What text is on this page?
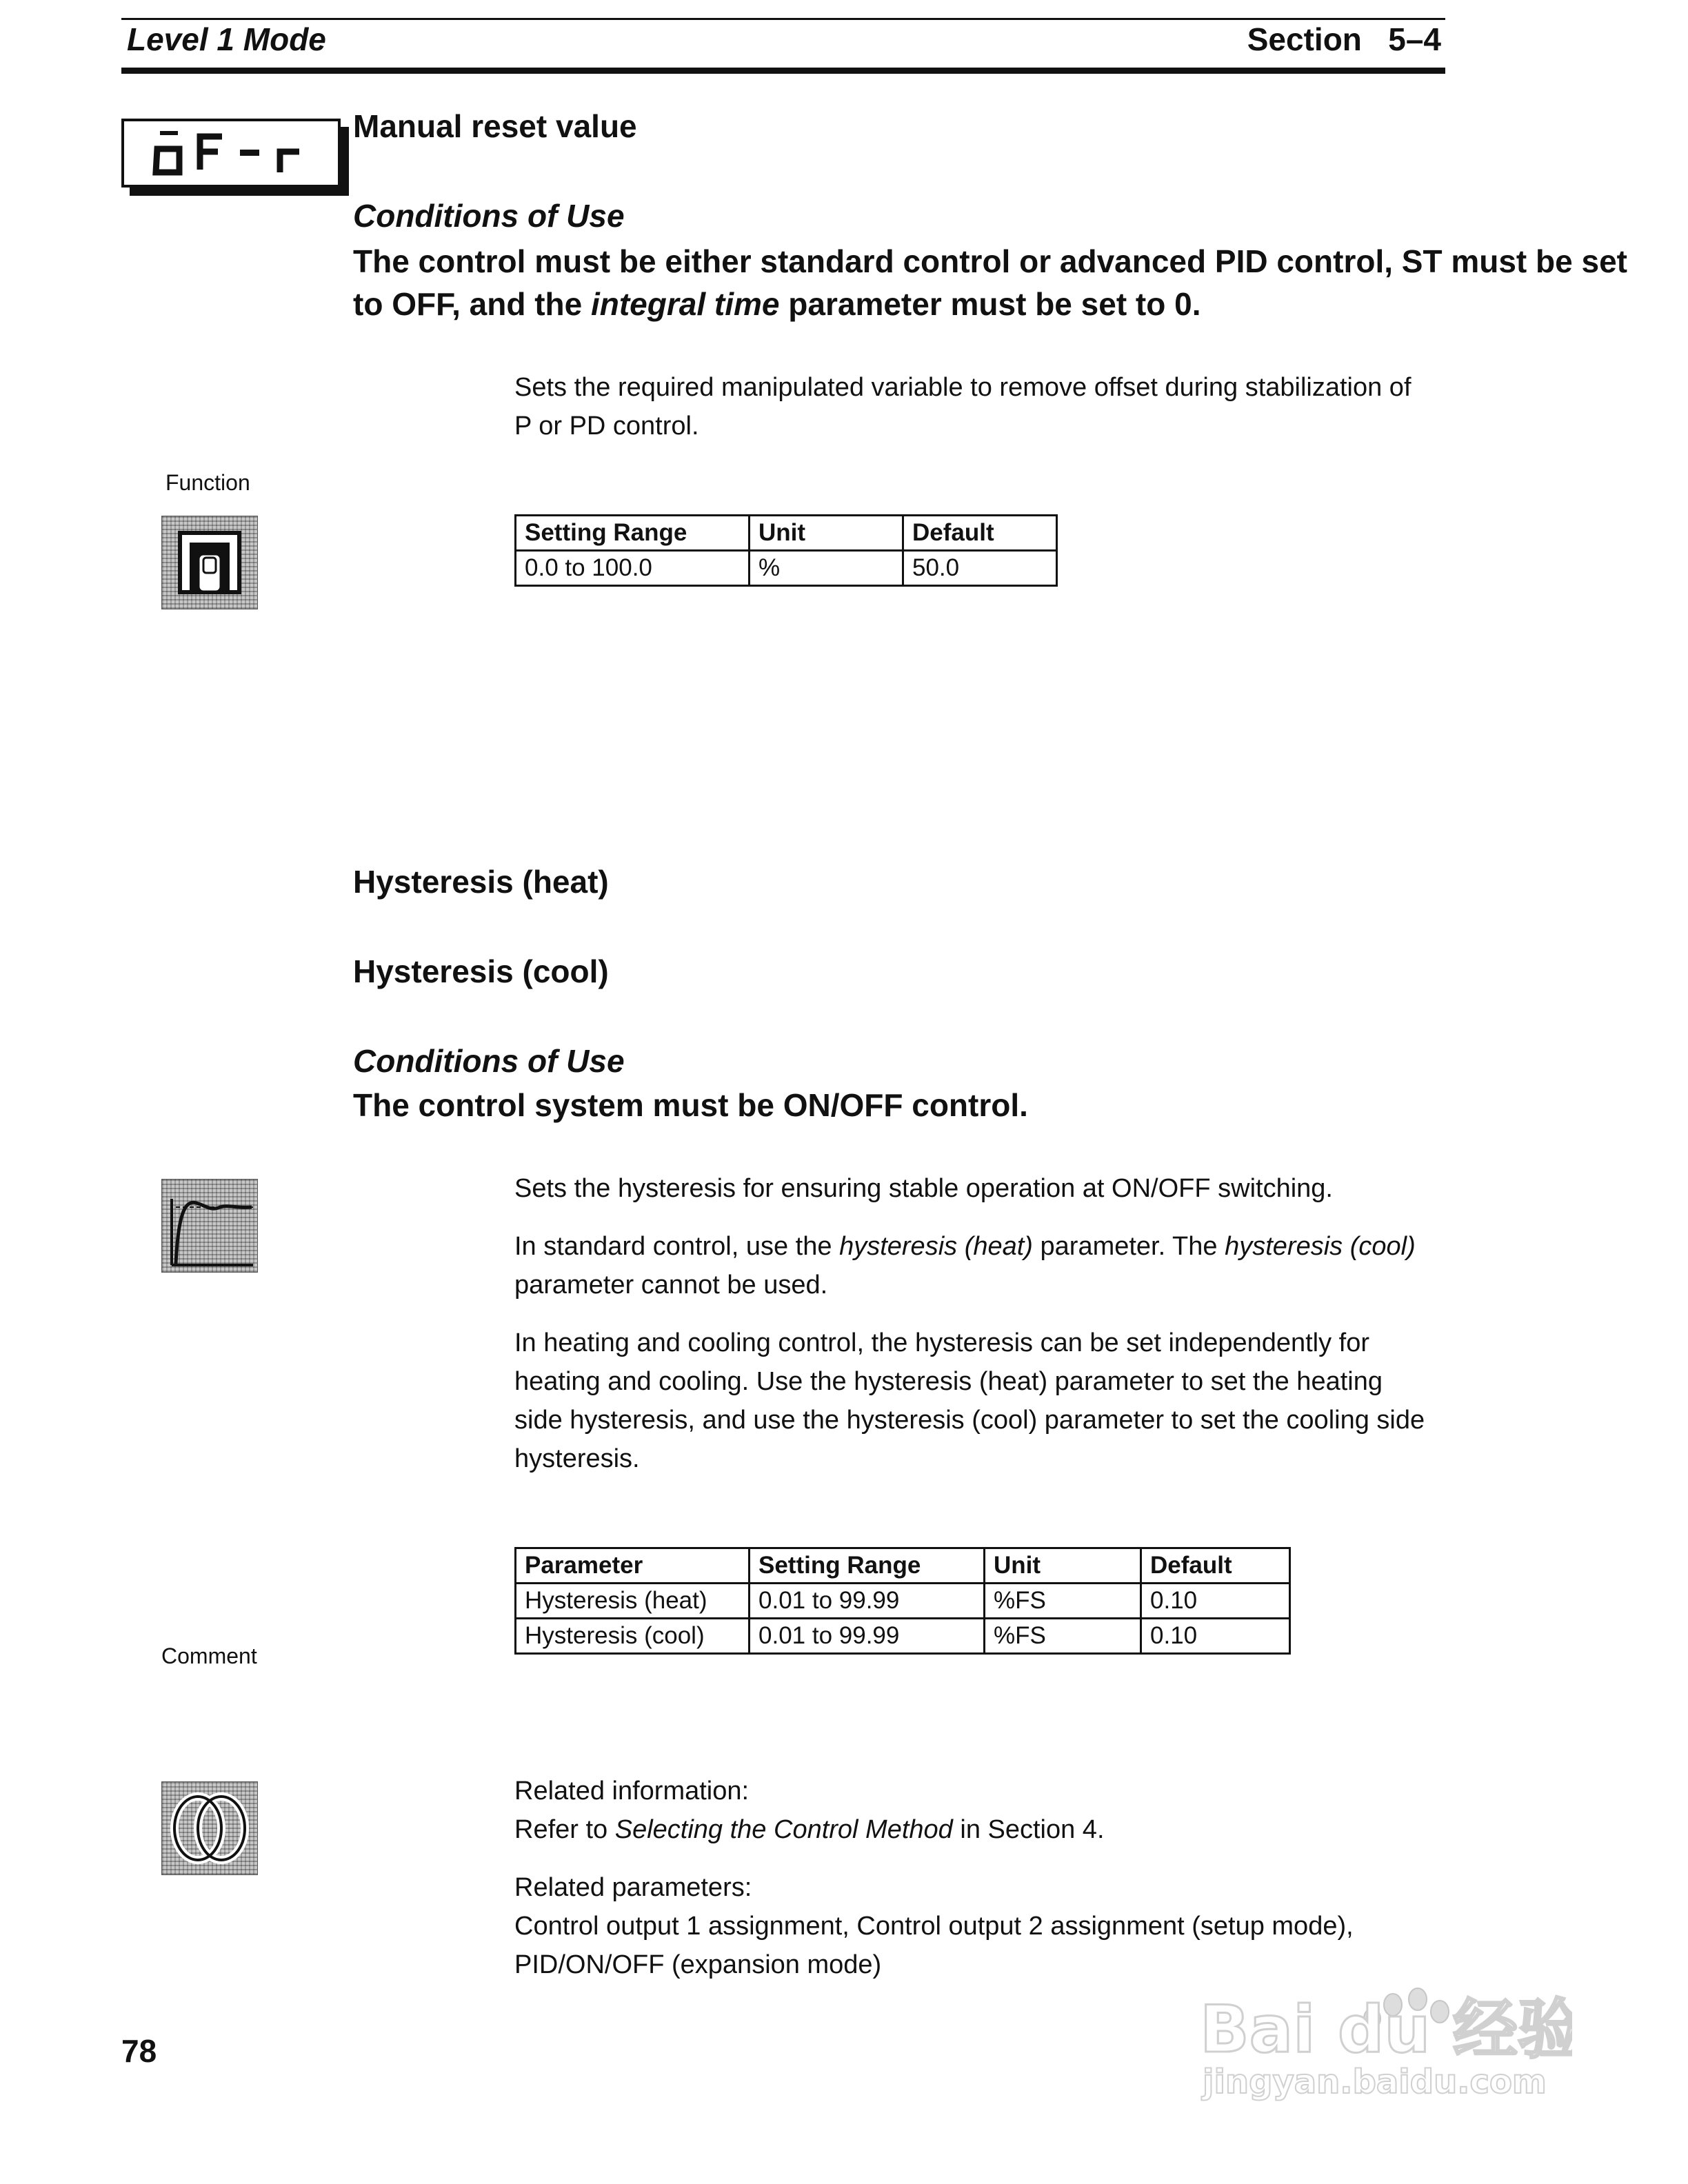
Level 1 Mode	Section 5–4
Manual reset value
Conditions of Use
The control must be either standard control or advanced PID control, ST must be set to OFF, and the integral time parameter must be set to 0.
Sets the required manipulated variable to remove offset during stabilization of P or PD control.
Function
Setting Range	Unit	Default
0.0 to 100.0	%	50.0
Hysteresis (heat)
Hysteresis (cool)
Conditions of Use
The control system must be ON/OFF control.
Sets the hysteresis for ensuring stable operation at ON/OFF switching.
In standard control, use the hysteresis (heat) parameter. The hysteresis (cool) parameter cannot be used.
In heating and cooling control, the hysteresis can be set independently for heating and cooling. Use the hysteresis (heat) parameter to set the heating side hysteresis, and use the hysteresis (cool) parameter to set the cooling side hysteresis.
Parameter	Setting Range	Unit	Default
Hysteresis (heat)	0.01 to 99.99	%FS	0.10
Hysteresis (cool)	0.01 to 99.99	%FS	0.10
Comment
Related information:
Refer to Selecting the Control Method in Section 4.
Related parameters:
Control output 1 assignment, Control output 2 assignment (setup mode),
PID/ON/OFF (expansion mode)
78	Bai du 经验
jingyan.baidu.com
